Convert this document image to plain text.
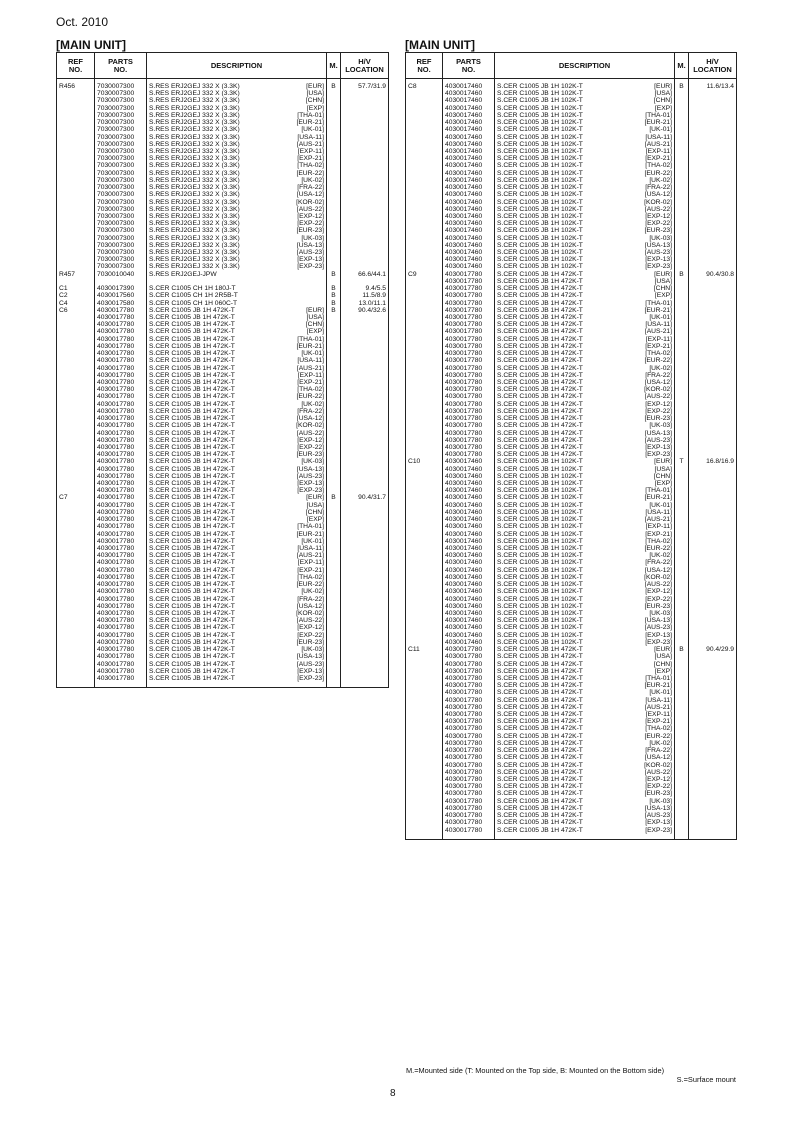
Oct. 2010
[MAIN UNIT]	[MAIN UNIT]
REF
NO.	PARTS
NO.	DESCRIPTION	M.	H/V
LOCATION
R456	7030007300	S.RES ERJ2GEJ 332 X (3.3K) [EUR]	B	57.7/31.9
	7030007300	S.RES ERJ2GEJ 332 X (3.3K) [USA]		

	7030007300	S.RES ERJ2GEJ 332 X (3.3K) [CHN]		

	7030007300	S.RES ERJ2GEJ 332 X (3.3K) [EXP]		

	7030007300	S.RES ERJ2GEJ 332 X (3.3K) [THA-01]		

	7030007300	S.RES ERJ2GEJ 332 X (3.3K) [EUR-21]		

	7030007300	S.RES ERJ2GEJ 332 X (3.3K) [UK-01]		

	7030007300	S.RES ERJ2GEJ 332 X (3.3K) [USA-11]		

	7030007300	S.RES ERJ2GEJ 332 X (3.3K) [AUS-21]		

	7030007300	S.RES ERJ2GEJ 332 X (3.3K) [EXP-11]		

	7030007300	S.RES ERJ2GEJ 332 X (3.3K) [EXP-21]		

	7030007300	S.RES ERJ2GEJ 332 X (3.3K) [THA-02]		

	7030007300	S.RES ERJ2GEJ 332 X (3.3K) [EUR-22]		

	7030007300	S.RES ERJ2GEJ 332 X (3.3K) [UK-02]		

	7030007300	S.RES ERJ2GEJ 332 X (3.3K) [FRA-22]		

	7030007300	S.RES ERJ2GEJ 332 X (3.3K) [USA-12]		

	7030007300	S.RES ERJ2GEJ 332 X (3.3K) [KOR-02]		

	7030007300	S.RES ERJ2GEJ 332 X (3.3K) [AUS-22]		

	7030007300	S.RES ERJ2GEJ 332 X (3.3K) [EXP-12]		

	7030007300	S.RES ERJ2GEJ 332 X (3.3K) [EXP-22]		

	7030007300	S.RES ERJ2GEJ 332 X (3.3K) [EUR-23]		

	7030007300	S.RES ERJ2GEJ 332 X (3.3K) [UK-03]		

	7030007300	S.RES ERJ2GEJ 332 X (3.3K) [USA-13]		

	7030007300	S.RES ERJ2GEJ 332 X (3.3K) [AUS-23]		

	7030007300	S.RES ERJ2GEJ 332 X (3.3K) [EXP-13]		

	7030007300	S.RES ERJ2GEJ 332 X (3.3K) [EXP-23]		

R457	7030010040	S.RES ERJ2GEJ-JPW	B	66.6/44.1

C1	4030017390	S.CER C1005 CH 1H 180J-T	B	9.4/5.5
C2	4030017560	S.CER C1005 CH 1H 2R5B-T	B	11.5/8.9
C4	4030017580	S.CER C1005 CH 1H 060C-T	B	13.0/11.1
C6	4030017780	S.CER C1005 JB 1H 472K-T [EUR]	B	90.4/32.6
	4030017780	S.CER C1005 JB 1H 472K-T [USA]		

	4030017780	S.CER C1005 JB 1H 472K-T [CHN]		

	4030017780	S.CER C1005 JB 1H 472K-T [EXP]		

	4030017780	S.CER C1005 JB 1H 472K-T [THA-01]		

	4030017780	S.CER C1005 JB 1H 472K-T [EUR-21]		

	4030017780	S.CER C1005 JB 1H 472K-T [UK-01]		

	4030017780	S.CER C1005 JB 1H 472K-T [USA-11]		

	4030017780	S.CER C1005 JB 1H 472K-T [AUS-21]		

	4030017780	S.CER C1005 JB 1H 472K-T [EXP-11]		

	4030017780	S.CER C1005 JB 1H 472K-T [EXP-21]		

	4030017780	S.CER C1005 JB 1H 472K-T [THA-02]		

	4030017780	S.CER C1005 JB 1H 472K-T [EUR-22]		

	4030017780	S.CER C1005 JB 1H 472K-T [UK-02]		

	4030017780	S.CER C1005 JB 1H 472K-T [FRA-22]		

	4030017780	S.CER C1005 JB 1H 472K-T [USA-12]		

	4030017780	S.CER C1005 JB 1H 472K-T [KOR-02]		

	4030017780	S.CER C1005 JB 1H 472K-T [AUS-22]		

	4030017780	S.CER C1005 JB 1H 472K-T [EXP-12]		

	4030017780	S.CER C1005 JB 1H 472K-T [EXP-22]		

	4030017780	S.CER C1005 JB 1H 472K-T [EUR-23]		

	4030017780	S.CER C1005 JB 1H 472K-T [UK-03]		

	4030017780	S.CER C1005 JB 1H 472K-T [USA-13]		

	4030017780	S.CER C1005 JB 1H 472K-T [AUS-23]		

	4030017780	S.CER C1005 JB 1H 472K-T [EXP-13]		

	4030017780	S.CER C1005 JB 1H 472K-T [EXP-23]		

C7	4030017780	S.CER C1005 JB 1H 472K-T [EUR]	B	90.4/31.7
	4030017780	S.CER C1005 JB 1H 472K-T [USA]		

	4030017780	S.CER C1005 JB 1H 472K-T [CHN]		

	4030017780	S.CER C1005 JB 1H 472K-T [EXP]		

	4030017780	S.CER C1005 JB 1H 472K-T [THA-01]		

	4030017780	S.CER C1005 JB 1H 472K-T [EUR-21]		

	4030017780	S.CER C1005 JB 1H 472K-T [UK-01]		

	4030017780	S.CER C1005 JB 1H 472K-T [USA-11]		

	4030017780	S.CER C1005 JB 1H 472K-T [AUS-21]		

	4030017780	S.CER C1005 JB 1H 472K-T [EXP-11]		

	4030017780	S.CER C1005 JB 1H 472K-T [EXP-21]		

	4030017780	S.CER C1005 JB 1H 472K-T [THA-02]		

	4030017780	S.CER C1005 JB 1H 472K-T [EUR-22]		

	4030017780	S.CER C1005 JB 1H 472K-T [UK-02]		

	4030017780	S.CER C1005 JB 1H 472K-T [FRA-22]		

	4030017780	S.CER C1005 JB 1H 472K-T [USA-12]		

	4030017780	S.CER C1005 JB 1H 472K-T [KOR-02]		

	4030017780	S.CER C1005 JB 1H 472K-T [AUS-22]		

	4030017780	S.CER C1005 JB 1H 472K-T [EXP-12]		

	4030017780	S.CER C1005 JB 1H 472K-T [EXP-22]		

	4030017780	S.CER C1005 JB 1H 472K-T [EUR-23]		

	4030017780	S.CER C1005 JB 1H 472K-T [UK-03]		

	4030017780	S.CER C1005 JB 1H 472K-T [USA-13]		

	4030017780	S.CER C1005 JB 1H 472K-T [AUS-23]		

	4030017780	S.CER C1005 JB 1H 472K-T [EXP-13]		

	4030017780	S.CER C1005 JB 1H 472K-T [EXP-23]		

REF
NO.	PARTS
NO.	DESCRIPTION	M.	H/V
LOCATION
C8	4030017460	S.CER C1005 JB 1H 102K-T [EUR]	B	11.6/13.4
	4030017460	S.CER C1005 JB 1H 102K-T [USA]		

	4030017460	S.CER C1005 JB 1H 102K-T [CHN]		

	4030017460	S.CER C1005 JB 1H 102K-T [EXP]		

	4030017460	S.CER C1005 JB 1H 102K-T [THA-01]		

	4030017460	S.CER C1005 JB 1H 102K-T [EUR-21]		

	4030017460	S.CER C1005 JB 1H 102K-T [UK-01]		

	4030017460	S.CER C1005 JB 1H 102K-T [USA-11]		

	4030017460	S.CER C1005 JB 1H 102K-T [AUS-21]		

	4030017460	S.CER C1005 JB 1H 102K-T [EXP-11]		

	4030017460	S.CER C1005 JB 1H 102K-T [EXP-21]		

	4030017460	S.CER C1005 JB 1H 102K-T [THA-02]		

	4030017460	S.CER C1005 JB 1H 102K-T [EUR-22]		

	4030017460	S.CER C1005 JB 1H 102K-T [UK-02]		

	4030017460	S.CER C1005 JB 1H 102K-T [FRA-22]		

	4030017460	S.CER C1005 JB 1H 102K-T [USA-12]		

	4030017460	S.CER C1005 JB 1H 102K-T [KOR-02]		

	4030017460	S.CER C1005 JB 1H 102K-T [AUS-22]		

	4030017460	S.CER C1005 JB 1H 102K-T [EXP-12]		

	4030017460	S.CER C1005 JB 1H 102K-T [EXP-22]		

	4030017460	S.CER C1005 JB 1H 102K-T [EUR-23]		

	4030017460	S.CER C1005 JB 1H 102K-T [UK-03]		

	4030017460	S.CER C1005 JB 1H 102K-T [USA-13]		

	4030017460	S.CER C1005 JB 1H 102K-T [AUS-23]		

	4030017460	S.CER C1005 JB 1H 102K-T [EXP-13]		

	4030017460	S.CER C1005 JB 1H 102K-T [EXP-23]		

C9	4030017780	S.CER C1005 JB 1H 472K-T [EUR]	B	90.4/30.8
	4030017780	S.CER C1005 JB 1H 472K-T [USA]		

	4030017780	S.CER C1005 JB 1H 472K-T [CHN]		

	4030017780	S.CER C1005 JB 1H 472K-T [EXP]		

	4030017780	S.CER C1005 JB 1H 472K-T [THA-01]		

	4030017780	S.CER C1005 JB 1H 472K-T [EUR-21]		

	4030017780	S.CER C1005 JB 1H 472K-T [UK-01]		

	4030017780	S.CER C1005 JB 1H 472K-T [USA-11]		

	4030017780	S.CER C1005 JB 1H 472K-T [AUS-21]		

	4030017780	S.CER C1005 JB 1H 472K-T [EXP-11]		

	4030017780	S.CER C1005 JB 1H 472K-T [EXP-21]		

	4030017780	S.CER C1005 JB 1H 472K-T [THA-02]		

	4030017780	S.CER C1005 JB 1H 472K-T [EUR-22]		

	4030017780	S.CER C1005 JB 1H 472K-T [UK-02]		

	4030017780	S.CER C1005 JB 1H 472K-T [FRA-22]		

	4030017780	S.CER C1005 JB 1H 472K-T [USA-12]		

	4030017780	S.CER C1005 JB 1H 472K-T [KOR-02]		

	4030017780	S.CER C1005 JB 1H 472K-T [AUS-22]		

	4030017780	S.CER C1005 JB 1H 472K-T [EXP-12]		

	4030017780	S.CER C1005 JB 1H 472K-T [EXP-22]		

	4030017780	S.CER C1005 JB 1H 472K-T [EUR-23]		

	4030017780	S.CER C1005 JB 1H 472K-T [UK-03]		

	4030017780	S.CER C1005 JB 1H 472K-T [USA-13]		

	4030017780	S.CER C1005 JB 1H 472K-T [AUS-23]		

	4030017780	S.CER C1005 JB 1H 472K-T [EXP-13]		

	4030017780	S.CER C1005 JB 1H 472K-T [EXP-23]		

C10	4030017460	S.CER C1005 JB 1H 102K-T [EUR]	T	16.8/16.9
	4030017460	S.CER C1005 JB 1H 102K-T [USA]		

	4030017460	S.CER C1005 JB 1H 102K-T [CHN]		

	4030017460	S.CER C1005 JB 1H 102K-T [EXP]		

	4030017460	S.CER C1005 JB 1H 102K-T [THA-01]		

	4030017460	S.CER C1005 JB 1H 102K-T [EUR-21]		

	4030017460	S.CER C1005 JB 1H 102K-T [UK-01]		

	4030017460	S.CER C1005 JB 1H 102K-T [USA-11]		

	4030017460	S.CER C1005 JB 1H 102K-T [AUS-21]		

	4030017460	S.CER C1005 JB 1H 102K-T [EXP-11]		

	4030017460	S.CER C1005 JB 1H 102K-T [EXP-21]		

	4030017460	S.CER C1005 JB 1H 102K-T [THA-02]		

	4030017460	S.CER C1005 JB 1H 102K-T [EUR-22]		

	4030017460	S.CER C1005 JB 1H 102K-T [UK-02]		

	4030017460	S.CER C1005 JB 1H 102K-T [FRA-22]		

	4030017460	S.CER C1005 JB 1H 102K-T [USA-12]		

	4030017460	S.CER C1005 JB 1H 102K-T [KOR-02]		

	4030017460	S.CER C1005 JB 1H 102K-T [AUS-22]		

	4030017460	S.CER C1005 JB 1H 102K-T [EXP-12]		

	4030017460	S.CER C1005 JB 1H 102K-T [EXP-22]		

	4030017460	S.CER C1005 JB 1H 102K-T [EUR-23]		

	4030017460	S.CER C1005 JB 1H 102K-T [UK-03]		

	4030017460	S.CER C1005 JB 1H 102K-T [USA-13]		

	4030017460	S.CER C1005 JB 1H 102K-T [AUS-23]		

	4030017460	S.CER C1005 JB 1H 102K-T [EXP-13]		

	4030017460	S.CER C1005 JB 1H 102K-T [EXP-23]		

C11	4030017780	S.CER C1005 JB 1H 472K-T [EUR]	B	90.4/29.9
	4030017780	S.CER C1005 JB 1H 472K-T [USA]		

	4030017780	S.CER C1005 JB 1H 472K-T [CHN]		

	4030017780	S.CER C1005 JB 1H 472K-T [EXP]		

	4030017780	S.CER C1005 JB 1H 472K-T [THA-01]		

	4030017780	S.CER C1005 JB 1H 472K-T [EUR-21]		

	4030017780	S.CER C1005 JB 1H 472K-T [UK-01]		

	4030017780	S.CER C1005 JB 1H 472K-T [USA-11]		

	4030017780	S.CER C1005 JB 1H 472K-T [AUS-21]		

	4030017780	S.CER C1005 JB 1H 472K-T [EXP-11]		

	4030017780	S.CER C1005 JB 1H 472K-T [EXP-21]		

	4030017780	S.CER C1005 JB 1H 472K-T [THA-02]		

	4030017780	S.CER C1005 JB 1H 472K-T [EUR-22]		

	4030017780	S.CER C1005 JB 1H 472K-T [UK-02]		

	4030017780	S.CER C1005 JB 1H 472K-T [FRA-22]		

	4030017780	S.CER C1005 JB 1H 472K-T [USA-12]		

	4030017780	S.CER C1005 JB 1H 472K-T [KOR-02]		

	4030017780	S.CER C1005 JB 1H 472K-T [AUS-22]		

	4030017780	S.CER C1005 JB 1H 472K-T [EXP-12]		

	4030017780	S.CER C1005 JB 1H 472K-T [EXP-22]		

	4030017780	S.CER C1005 JB 1H 472K-T [EUR-23]		

	4030017780	S.CER C1005 JB 1H 472K-T [UK-03]		

	4030017780	S.CER C1005 JB 1H 472K-T [USA-13]		

	4030017780	S.CER C1005 JB 1H 472K-T [AUS-23]		

	4030017780	S.CER C1005 JB 1H 472K-T [EXP-13]		

	4030017780	S.CER C1005 JB 1H 472K-T [EXP-23]		

M.=Mounted side (T: Mounted on the Top side, B: Mounted on the Bottom side)
S.=Surface mount
8
